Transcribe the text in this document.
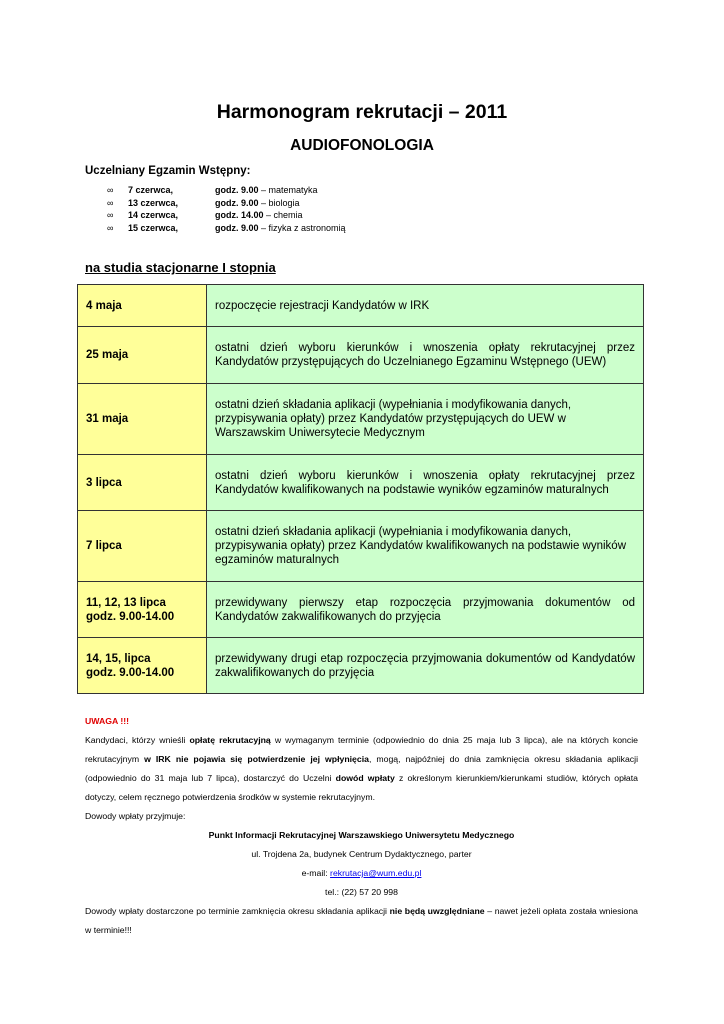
Harmonogram rekrutacji – 2011
AUDIOFONOLOGIA
Uczelniany Egzamin Wstępny:
∞	7 czerwca,	godz. 9.00 – matematyka
∞	13 czerwca,	godz. 9.00 – biologia
∞	14 czerwca,	godz. 14.00 – chemia
∞	15 czerwca,	godz. 9.00 – fizyka z astronomią
na studia stacjonarne I stopnia
4 maja	rozpoczęcie rejestracji Kandydatów w IRK
25 maja	ostatni dzień wyboru kierunków i wnoszenia opłaty rekrutacyjnej przez Kandydatów przystępujących do Uczelnianego Egzaminu Wstępnego (UEW)
31 maja	ostatni dzień składania aplikacji (wypełniania i modyfikowania danych, przypisywania opłaty) przez Kandydatów przystępujących do UEW w Warszawskim Uniwersytecie Medycznym
3 lipca	ostatni dzień wyboru kierunków i wnoszenia opłaty rekrutacyjnej przez Kandydatów kwalifikowanych na podstawie wyników egzaminów maturalnych
7 lipca	ostatni dzień składania aplikacji (wypełniania i modyfikowania danych, przypisywania opłaty) przez Kandydatów kwalifikowanych na podstawie wyników egzaminów maturalnych

11, 12, 13 lipca
godz. 9.00-14.00	przewidywany pierwszy etap rozpoczęcia przyjmowania dokumentów od Kandydatów zakwalifikowanych do przyjęcia

14, 15, lipca
godz. 9.00-14.00	przewidywany drugi etap rozpoczęcia przyjmowania dokumentów od Kandydatów zakwalifikowanych do przyjęcia
UWAGA !!!
Kandydaci, którzy wnieśli opłatę rekrutacyjną w wymaganym terminie (odpowiednio do dnia 25 maja lub 3 lipca), ale na których koncie rekrutacyjnym w IRK nie pojawia się potwierdzenie jej wpłynięcia, mogą, najpóźniej do dnia zamknięcia okresu składania aplikacji (odpowiednio do 31 maja lub 7 lipca), dostarczyć do Uczelni dowód wpłaty z określonym kierunkiem/kierunkami studiów, których opłata dotyczy, celem ręcznego potwierdzenia środków w systemie rekrutacyjnym.
Dowody wpłaty przyjmuje:
Punkt Informacji Rekrutacyjnej Warszawskiego Uniwersytetu Medycznego
ul. Trojdena 2a, budynek Centrum Dydaktycznego, parter
e-mail: rekrutacja@wum.edu.pl
tel.: (22) 57 20 998
Dowody wpłaty dostarczone po terminie zamknięcia okresu składania aplikacji nie będą uwzględniane – nawet jeżeli opłata została wniesiona w terminie!!!
